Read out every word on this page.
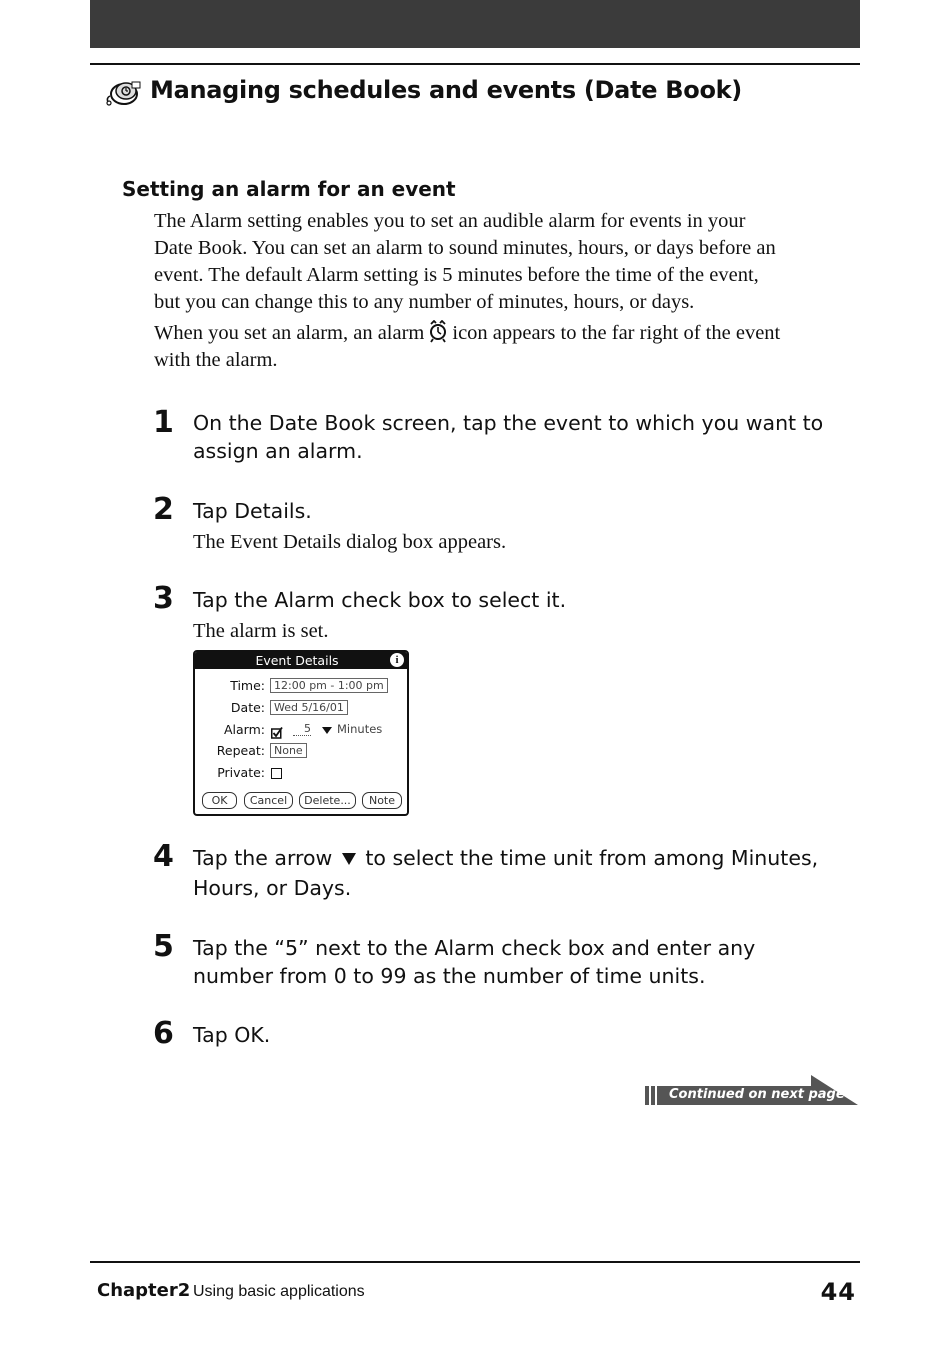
Managing schedules and events (Date Book)
Setting an alarm for an event
The Alarm setting enables you to set an audible alarm for events in your
Date Book. You can set an alarm to sound minutes, hours, or days before an
event. The default Alarm setting is 5 minutes before the time of the event,
but you can change this to any number of minutes, hours, or days.
When you set an alarm, an alarm icon appears to the far right of the event
with the alarm.
1 On the Date Book screen, tap the event to which you want to
assign an alarm.
2 Tap Details.
The Event Details dialog box appears.
3 Tap the Alarm check box to select it.
The alarm is set.
Event Details	i
Time: 12:00 pm - 1:00 pm
Date: Wed 5/16/01
Alarm:	5 Minutes
Repeat: None
Private:
OK	Cancel	Delete...	Note
4 Tap the arrow to select the time unit from among Minutes,
Hours, or Days.
5 Tap the “5” next to the Alarm check box and enter any
number from 0 to 99 as the number of time units.
6 Tap OK.
Continued on next page
Chapter2 Using basic applications	44
